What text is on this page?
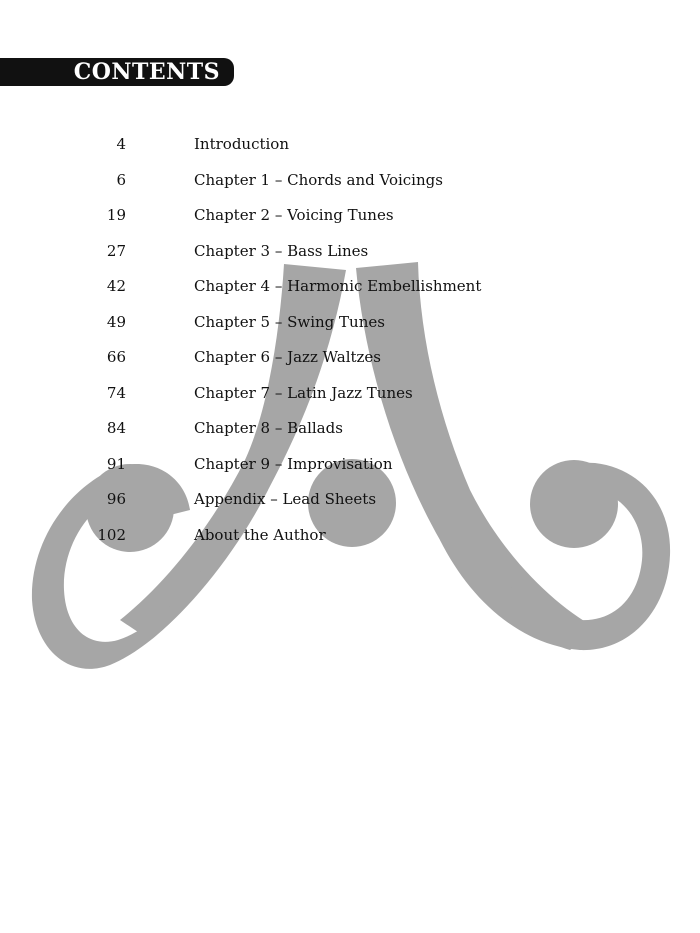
CONTENTS
4	Introduction
6	Chapter 1 – Chords and Voicings
19	Chapter 2 – Voicing Tunes
27	Chapter 3 – Bass Lines
42	Chapter 4 – Harmonic Embellishment
49	Chapter 5 – Swing Tunes
66	Chapter 6 – Jazz Waltzes
74	Chapter 7 – Latin Jazz Tunes
84	Chapter 8 – Ballads
91	Chapter 9 – Improvisation
96	Appendix – Lead Sheets
102	About the Author
